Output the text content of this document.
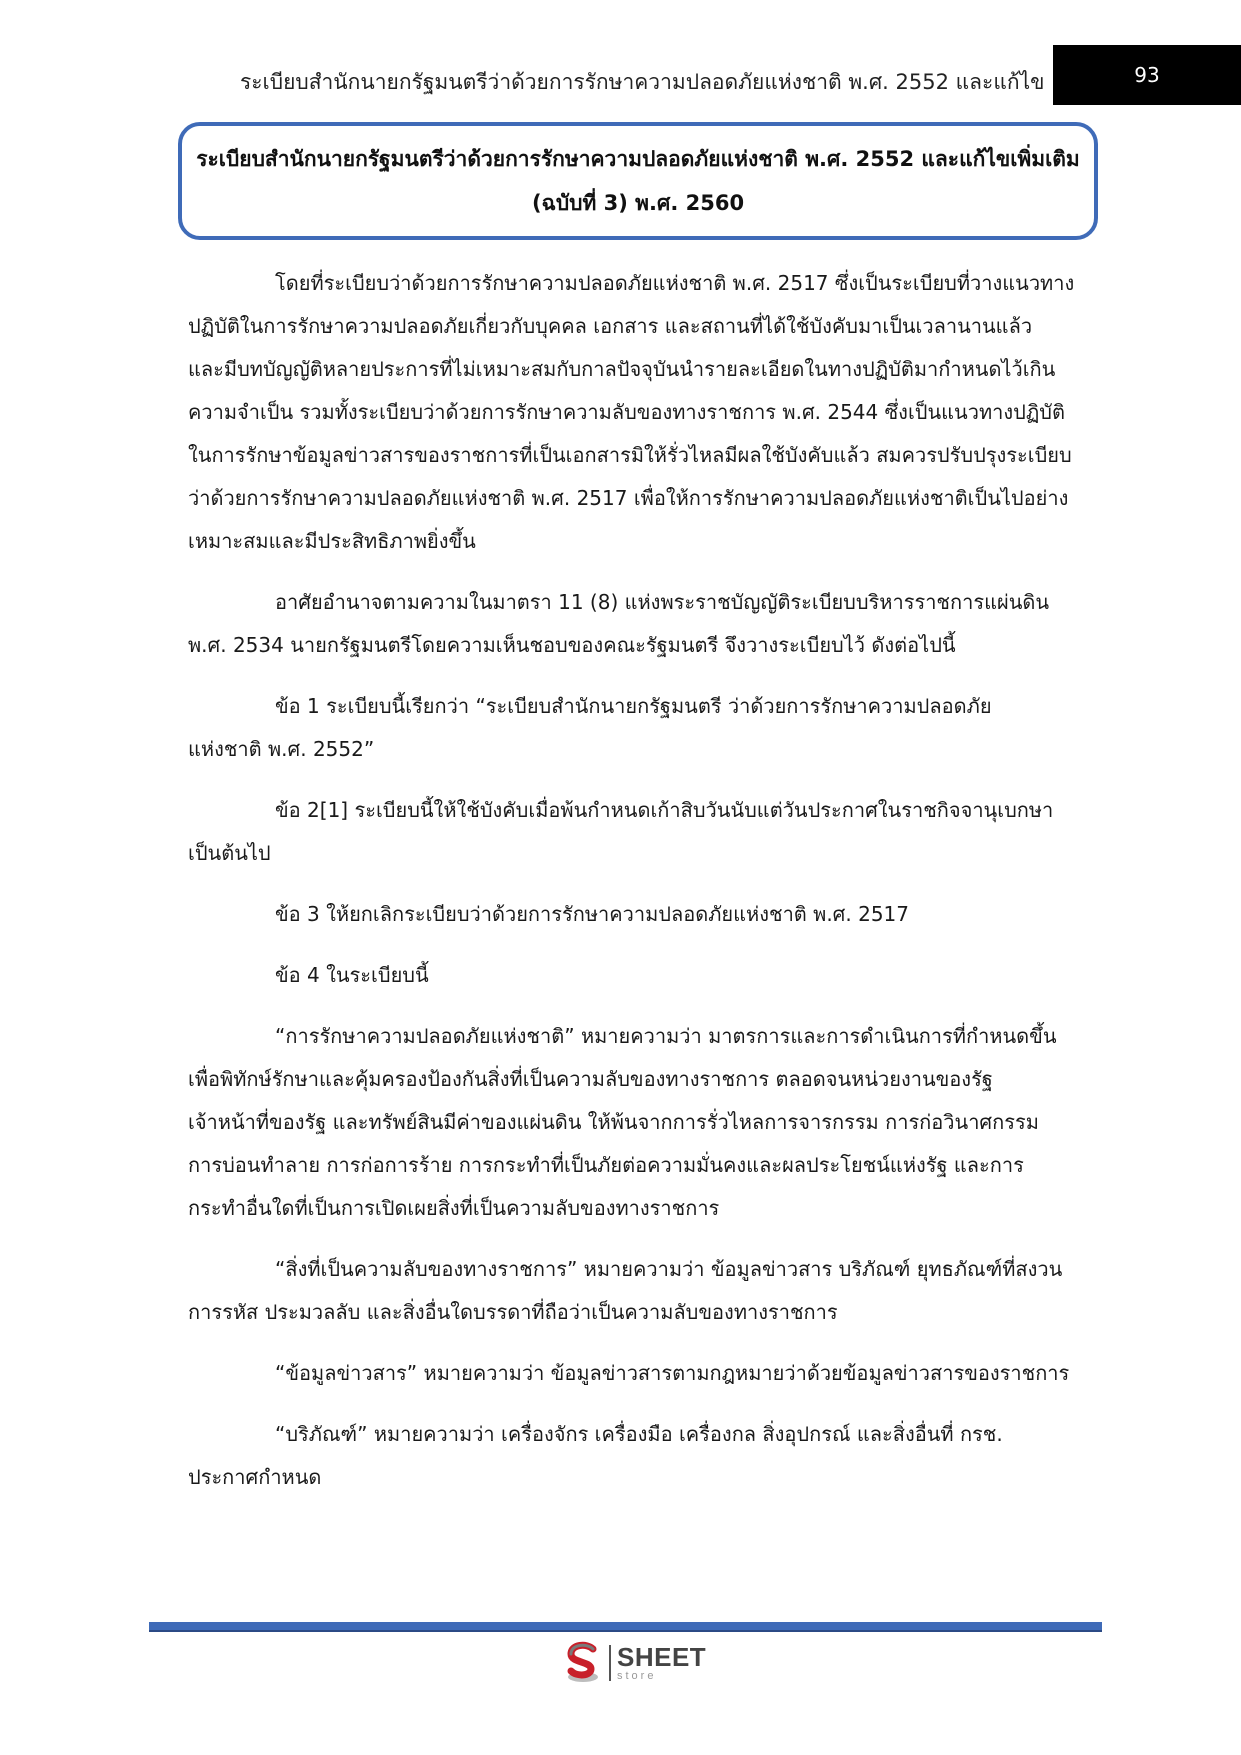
ระเบียบสำนักนายกรัฐมนตรีว่าด้วยการรักษาความปลอดภัยแห่งชาติ พ.ศ. 2552 และแก้ไข	93
ระเบียบสำนักนายกรัฐมนตรีว่าด้วยการรักษาความปลอดภัยแห่งชาติ พ.ศ. 2552 และแก้ไขเพิ่มเติม
(ฉบับที่ 3) พ.ศ. 2560

โดยที่ระเบียบว่าด้วยการรักษาความปลอดภัยแห่งชาติ พ.ศ. 2517 ซึ่งเป็นระเบียบที่วางแนวทาง
ปฏิบัติในการรักษาความปลอดภัยเกี่ยวกับบุคคล เอกสาร และสถานที่ได้ใช้บังคับมาเป็นเวลานานแล้ว
และมีบทบัญญัติหลายประการที่ไม่เหมาะสมกับกาลปัจจุบันนำรายละเอียดในทางปฏิบัติมากำหนดไว้เกิน
ความจำเป็น รวมทั้งระเบียบว่าด้วยการรักษาความลับของทางราชการ พ.ศ. 2544 ซึ่งเป็นแนวทางปฏิบัติ
ในการรักษาข้อมูลข่าวสารของราชการที่เป็นเอกสารมิให้รั่วไหลมีผลใช้บังคับแล้ว สมควรปรับปรุงระเบียบ
ว่าด้วยการรักษาความปลอดภัยแห่งชาติ พ.ศ. 2517 เพื่อให้การรักษาความปลอดภัยแห่งชาติเป็นไปอย่าง
เหมาะสมและมีประสิทธิภาพยิ่งขึ้น

อาศัยอำนาจตามความในมาตรา 11 (8) แห่งพระราชบัญญัติระเบียบบริหารราชการแผ่นดิน
พ.ศ. 2534 นายกรัฐมนตรีโดยความเห็นชอบของคณะรัฐมนตรี จึงวางระเบียบไว้ ดังต่อไปนี้

ข้อ 1 ระเบียบนี้เรียกว่า “ระเบียบสำนักนายกรัฐมนตรี ว่าด้วยการรักษาความปลอดภัย
แห่งชาติ พ.ศ. 2552”

ข้อ 2[1] ระเบียบนี้ให้ใช้บังคับเมื่อพ้นกำหนดเก้าสิบวันนับแต่วันประกาศในราชกิจจานุเบกษา
เป็นต้นไป

ข้อ 3 ให้ยกเลิกระเบียบว่าด้วยการรักษาความปลอดภัยแห่งชาติ พ.ศ. 2517

ข้อ 4 ในระเบียบนี้

“การรักษาความปลอดภัยแห่งชาติ” หมายความว่า มาตรการและการดำเนินการที่กำหนดขึ้น
เพื่อพิทักษ์รักษาและคุ้มครองป้องกันสิ่งที่เป็นความลับของทางราชการ ตลอดจนหน่วยงานของรัฐ
เจ้าหน้าที่ของรัฐ และทรัพย์สินมีค่าของแผ่นดิน ให้พ้นจากการรั่วไหลการจารกรรม การก่อวินาศกรรม
การบ่อนทำลาย การก่อการร้าย การกระทำที่เป็นภัยต่อความมั่นคงและผลประโยชน์แห่งรัฐ และการ
กระทำอื่นใดที่เป็นการเปิดเผยสิ่งที่เป็นความลับของทางราชการ

“สิ่งที่เป็นความลับของทางราชการ” หมายความว่า ข้อมูลข่าวสาร บริภัณฑ์ ยุทธภัณฑ์ที่สงวน
การรหัส ประมวลลับ และสิ่งอื่นใดบรรดาที่ถือว่าเป็นความลับของทางราชการ

“ข้อมูลข่าวสาร” หมายความว่า ข้อมูลข่าวสารตามกฎหมายว่าด้วยข้อมูลข่าวสารของราชการ

“บริภัณฑ์” หมายความว่า เครื่องจักร เครื่องมือ เครื่องกล สิ่งอุปกรณ์ และสิ่งอื่นที่ กรช.
ประกาศกำหนด

SHEET
store
